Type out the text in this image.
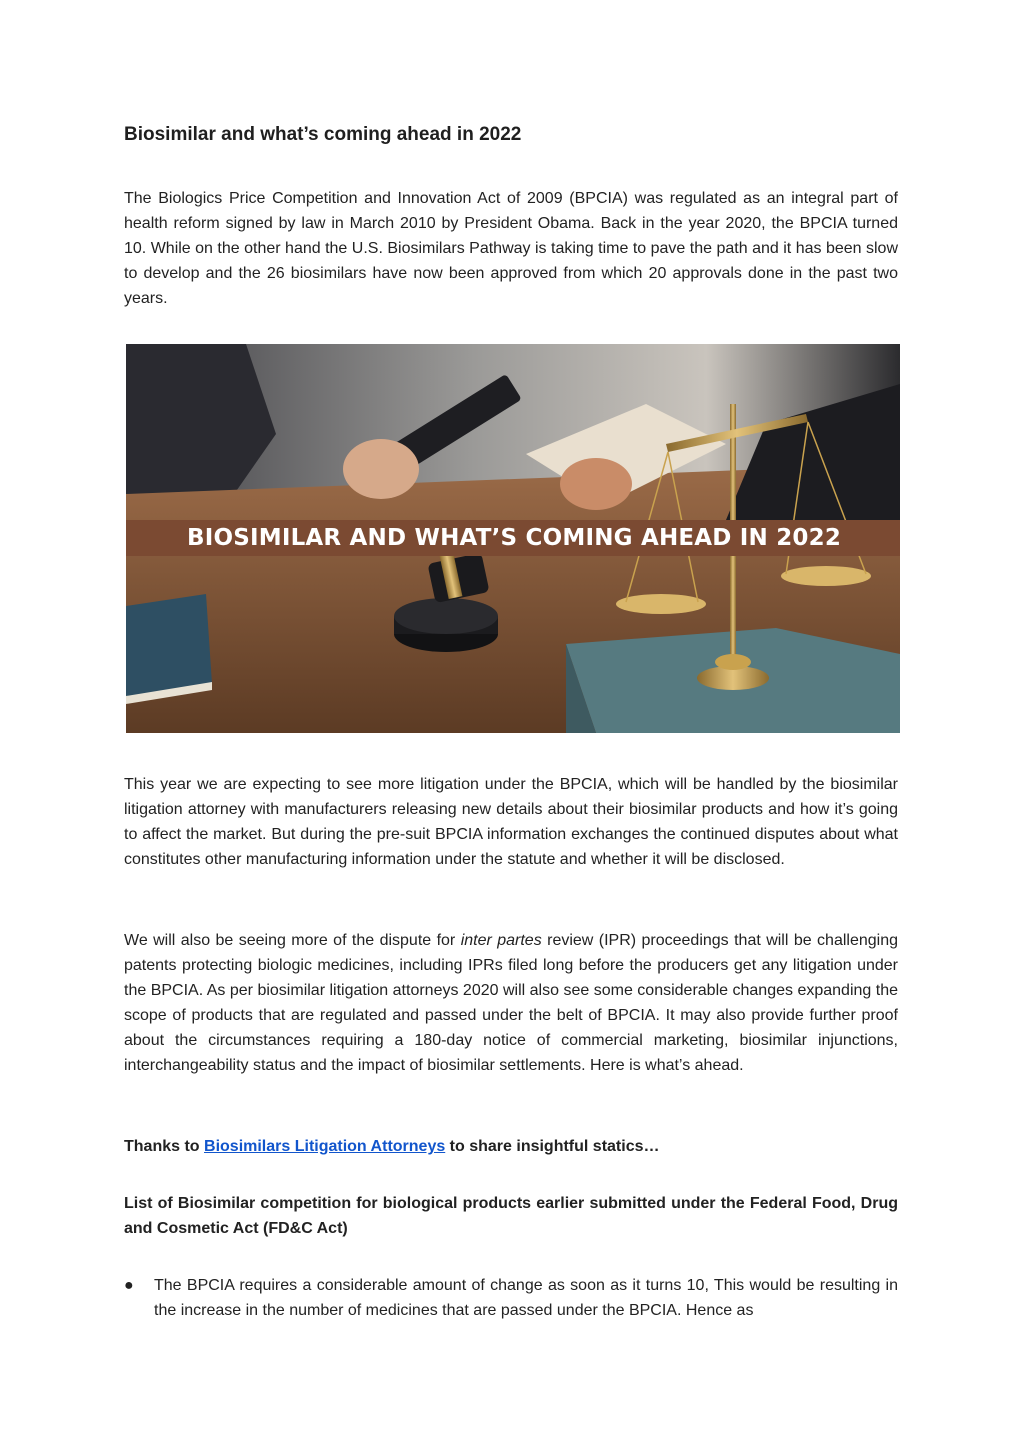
Biosimilar and what’s coming ahead in 2022

The Biologics Price Competition and Innovation Act of 2009 (BPCIA) was regulated as an integral part of health reform signed by law in March 2010 by President Obama. Back in the year 2020, the BPCIA turned 10. While on the other hand the U.S. Biosimilars Pathway is taking time to pave the path and it has been slow to develop and the 26 biosimilars have now been approved from which 20 approvals done in the past two years.

BIOSIMILAR AND WHAT’S COMING AHEAD IN 2022

This year we are expecting to see more litigation under the BPCIA, which will be handled by the biosimilar litigation attorney with manufacturers releasing new details about their biosimilar products and how it’s going to affect the market. But during the pre-suit BPCIA information exchanges the continued disputes about what constitutes other manufacturing information under the statute and whether it will be disclosed.

We will also be seeing more of the dispute for inter partes review (IPR) proceedings that will be challenging patents protecting biologic medicines, including IPRs filed long before the producers get any litigation under the BPCIA. As per biosimilar litigation attorneys 2020 will also see some considerable changes expanding the scope of products that are regulated and passed under the belt of BPCIA. It may also provide further proof about the circumstances requiring a 180-day notice of commercial marketing, biosimilar injunctions, interchangeability status and the impact of biosimilar settlements. Here is what’s ahead.

Thanks to Biosimilars Litigation Attorneys to share insightful statics…

List of Biosimilar competition for biological products earlier submitted under the Federal Food, Drug and Cosmetic Act (FD&C Act)

●	The BPCIA requires a considerable amount of change as soon as it turns 10, This would be resulting in the increase in the number of medicines that are passed under the BPCIA. Hence as
